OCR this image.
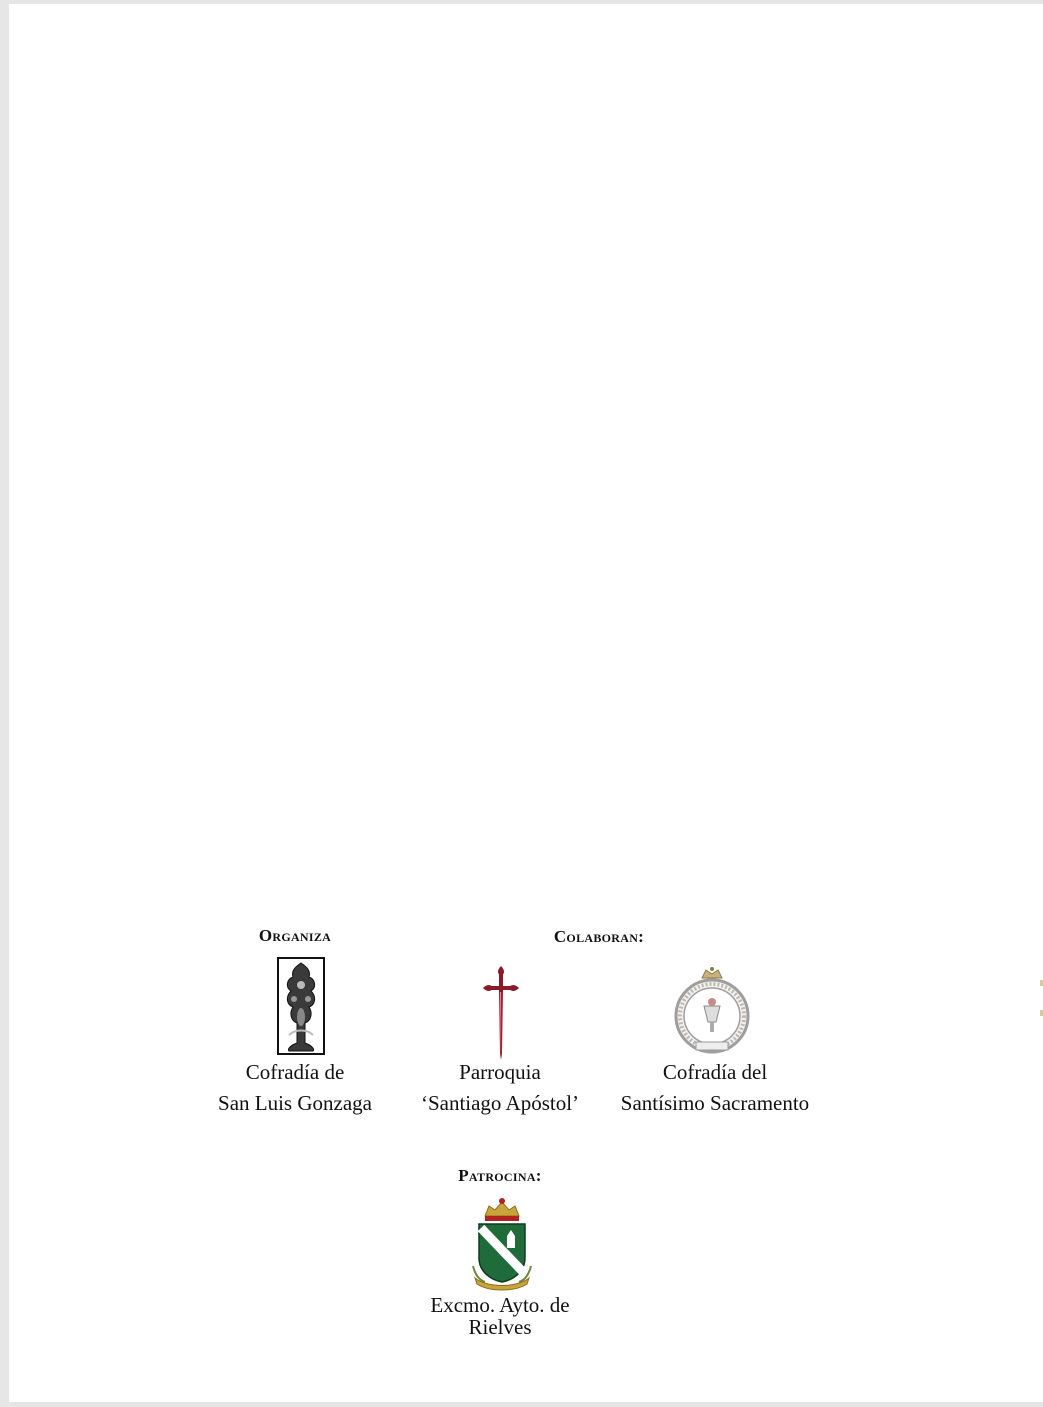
Organiza
Cofradía de
San Luis Gonzaga
Colaboran:
Parroquia
‘Santiago Apóstol’
Cofradía del
Santísimo Sacramento
Patrocina:
Excmo. Ayto. de
Rielves
